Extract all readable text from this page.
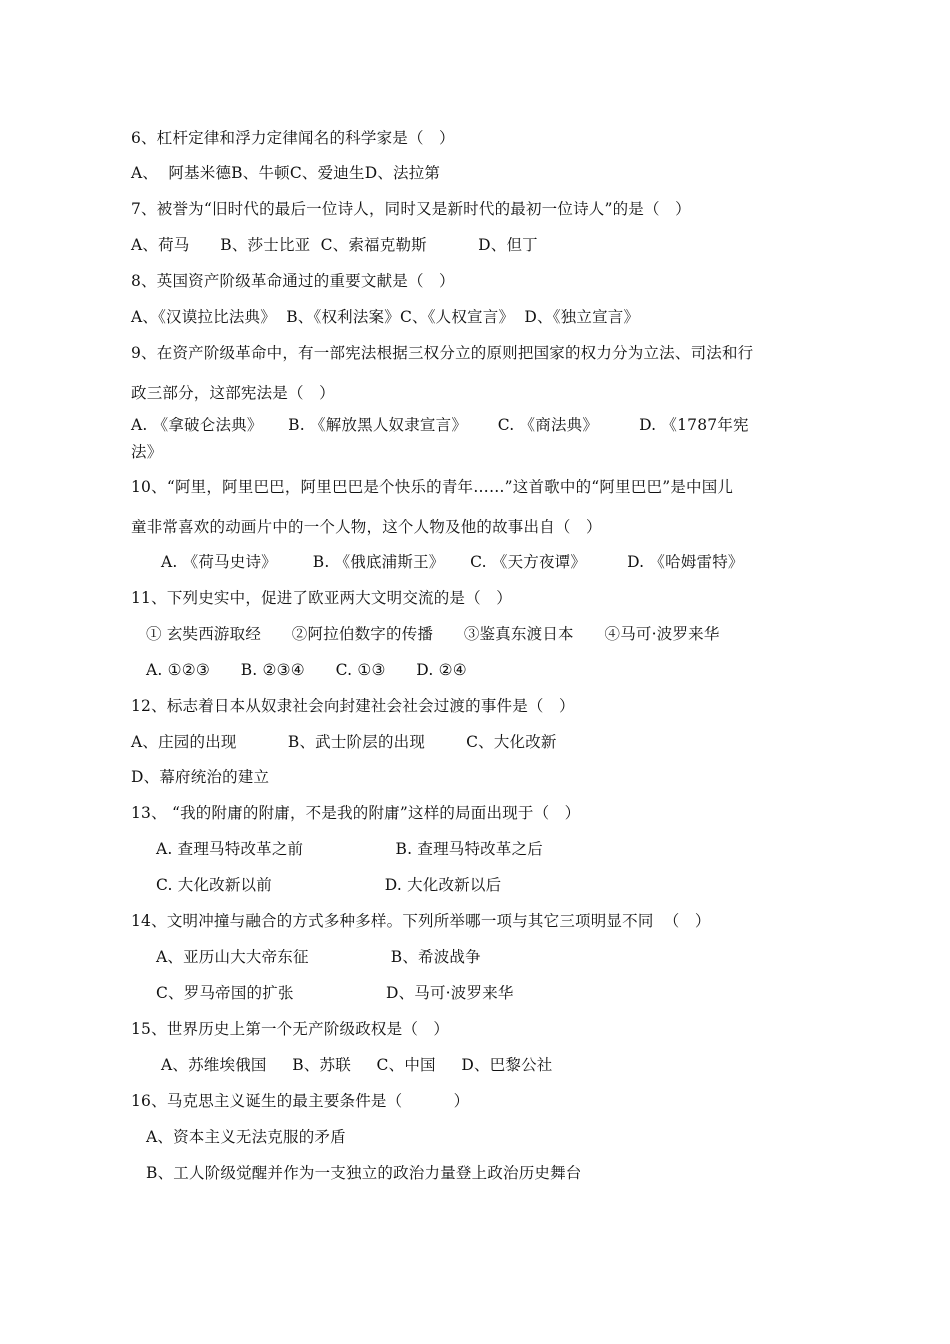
6、杠杆定律和浮力定律闻名的科学家是（   ）
A、  阿基米德B、牛顿C、爱迪生D、法拉第
7、被誉为“旧时代的最后一位诗人，同时又是新时代的最初一位诗人”的是（   ）
A、荷马      B、莎士比亚  C、索福克勒斯          D、但丁
8、英国资产阶级革命通过的重要文献是（   ）
A、《汉谟拉比法典》  B、《权利法案》C、《人权宣言》  D、《独立宣言》
9、在资产阶级革命中，有一部宪法根据三权分立的原则把国家的权力分为立法、司法和行
政三部分，这部宪法是（   ）
A. 《拿破仑法典》     B. 《解放黑人奴隶宣言》      C. 《商法典》        D. 《1787年宪
法》
10、“阿里，阿里巴巴，阿里巴巴是个快乐的青年……”这首歌中的“阿里巴巴”是中国儿
童非常喜欢的动画片中的一个人物，这个人物及他的故事出自（   ）
A. 《荷马史诗》       B. 《俄底浦斯王》     C. 《天方夜谭》        D. 《哈姆雷特》
11、下列史实中，促进了欧亚两大文明交流的是（   ）
① 玄奘西游取经      ②阿拉伯数字的传播      ③鉴真东渡日本      ④马可·波罗来华
A. ①②③      B. ②③④      C. ①③      D. ②④
12、标志着日本从奴隶社会向封建社会社会过渡的事件是（   ）
A、庄园的出现          B、武士阶层的出现        C、大化改新
D、幕府统治的建立
13、 “我的附庸的附庸，不是我的附庸”这样的局面出现于（   ）
A. 查理马特改革之前                  B. 查理马特改革之后
C. 大化改新以前                      D. 大化改新以后
14、文明冲撞与融合的方式多种多样。下列所举哪一项与其它三项明显不同  （   ）
A、亚历山大大帝东征                B、希波战争
C、罗马帝国的扩张                  D、马可·波罗来华
15、世界历史上第一个无产阶级政权是（   ）
A、苏维埃俄国     B、苏联     C、中国     D、巴黎公社
16、马克思主义诞生的最主要条件是（          ）
A、资本主义无法克服的矛盾
B、工人阶级觉醒并作为一支独立的政治力量登上政治历史舞台
